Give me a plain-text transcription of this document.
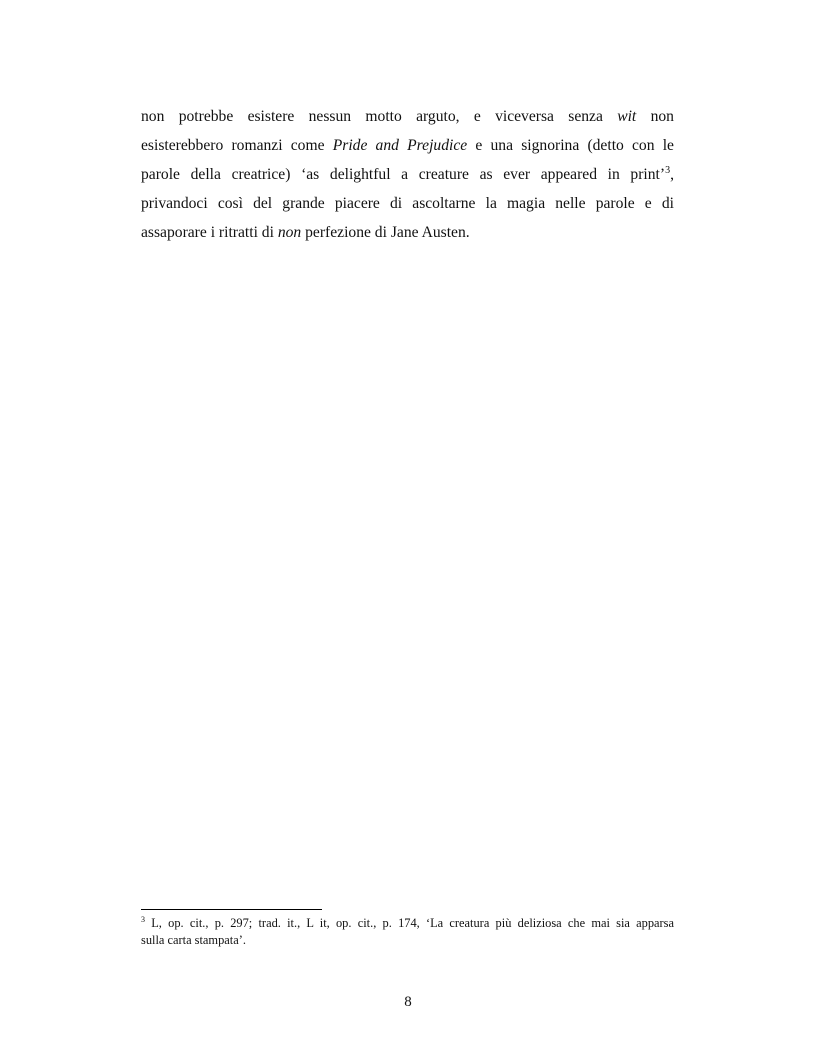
non potrebbe esistere nessun motto arguto, e viceversa senza wit non
esisterebbero romanzi come Pride and Prejudice e una signorina (detto con le
parole della creatrice) ‘as delightful a creature as ever appeared in print’$^3$,
privandoci così del grande piacere di ascoltarne la magia nelle parole e di
assaporare i ritratti di non perfezione di Jane Austen.
$^3$ L, op. cit., p. 297; trad. it., L it, op. cit., p. 174, ‘La creatura più deliziosa che mai sia apparsa
sulla carta stampata’.
8
